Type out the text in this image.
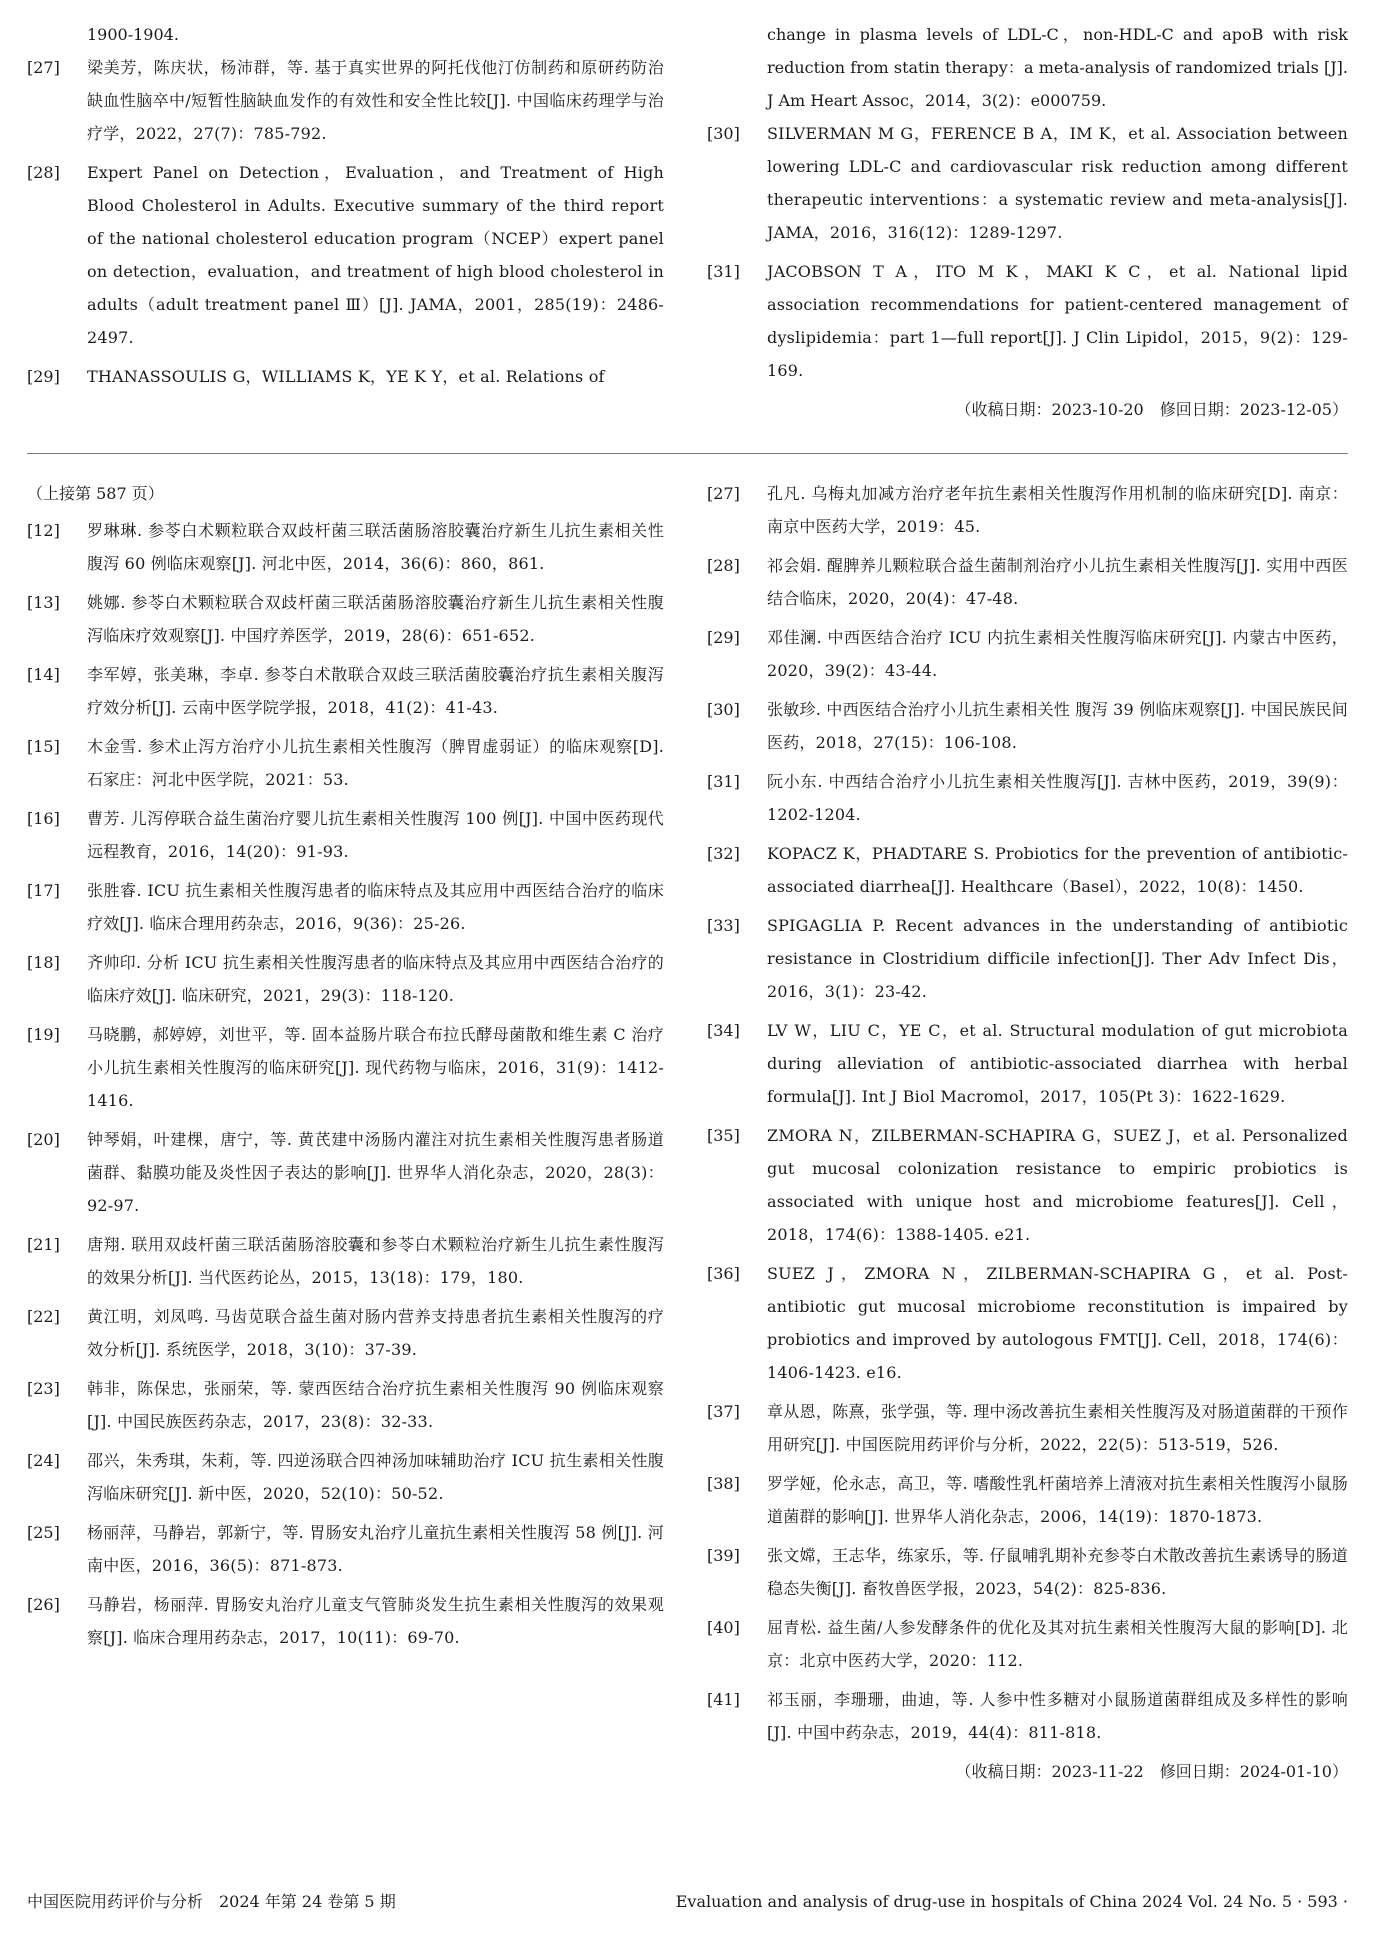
1900-1904.
[27]	梁美芳，陈庆状，杨沛群，等. 基于真实世界的阿托伐他汀仿制药和原研药防治缺血性脑卒中/短暂性脑缺血发作的有效性和安全性比较[J]. 中国临床药理学与治疗学，2022，27(7)：785-792.
[28]	Expert Panel on Detection，Evaluation，and Treatment of High Blood Cholesterol in Adults. Executive summary of the third report of the national cholesterol education program（NCEP）expert panel on detection，evaluation，and treatment of high blood cholesterol in adults（adult treatment panel Ⅲ）[J]. JAMA，2001，285(19)：2486-2497.
[29]	THANASSOULIS G，WILLIAMS K，YE K Y，et al. Relations of
change in plasma levels of LDL-C，non-HDL-C and apoB with risk reduction from statin therapy：a meta-analysis of randomized trials [J]. J Am Heart Assoc，2014，3(2)：e000759.
[30]	SILVERMAN M G，FERENCE B A，IM K，et al. Association between lowering LDL-C and cardiovascular risk reduction among different therapeutic interventions：a systematic review and meta-analysis[J]. JAMA，2016，316(12)：1289-1297.
[31]	JACOBSON T A，ITO M K，MAKI K C，et al. National lipid association recommendations for patient-centered management of dyslipidemia：part 1—full report[J]. J Clin Lipidol，2015，9(2)：129-169.
（收稿日期：2023-10-20　修回日期：2023-12-05）
（上接第 587 页）
[12]	罗琳琳. 参苓白术颗粒联合双歧杆菌三联活菌肠溶胶囊治疗新生儿抗生素相关性腹泻 60 例临床观察[J]. 河北中医，2014，36(6)：860，861.
[13]	姚娜. 参苓白术颗粒联合双歧杆菌三联活菌肠溶胶囊治疗新生儿抗生素相关性腹泻临床疗效观察[J]. 中国疗养医学，2019，28(6)：651-652.
[14]	李军婷，张美琳，李卓. 参苓白术散联合双歧三联活菌胶囊治疗抗生素相关腹泻疗效分析[J]. 云南中医学院学报，2018，41(2)：41-43.
[15]	木金雪. 参术止泻方治疗小儿抗生素相关性腹泻（脾胃虚弱证）的临床观察[D]. 石家庄：河北中医学院，2021：53.
[16]	曹芳. 儿泻停联合益生菌治疗婴儿抗生素相关性腹泻 100 例[J]. 中国中医药现代远程教育，2016，14(20)：91-93.
[17]	张胜睿. ICU 抗生素相关性腹泻患者的临床特点及其应用中西医结合治疗的临床疗效[J]. 临床合理用药杂志，2016，9(36)：25-26.
[18]	齐帅印. 分析 ICU 抗生素相关性腹泻患者的临床特点及其应用中西医结合治疗的临床疗效[J]. 临床研究，2021，29(3)：118-120.
[19]	马晓鹏，郝婷婷，刘世平，等. 固本益肠片联合布拉氏酵母菌散和维生素 C 治疗小儿抗生素相关性腹泻的临床研究[J]. 现代药物与临床，2016，31(9)：1412-1416.
[20]	钟琴娟，叶建棵，唐宁，等. 黄芪建中汤肠内灌注对抗生素相关性腹泻患者肠道菌群、黏膜功能及炎性因子表达的影响[J]. 世界华人消化杂志，2020，28(3)：92-97.
[21]	唐翔. 联用双歧杆菌三联活菌肠溶胶囊和参苓白术颗粒治疗新生儿抗生素性腹泻的效果分析[J]. 当代医药论丛，2015，13(18)：179，180.
[22]	黄江明，刘凤鸣. 马齿苋联合益生菌对肠内营养支持患者抗生素相关性腹泻的疗效分析[J]. 系统医学，2018，3(10)：37-39.
[23]	韩非，陈保忠，张丽荣，等. 蒙西医结合治疗抗生素相关性腹泻 90 例临床观察[J]. 中国民族医药杂志，2017，23(8)：32-33.
[24]	邵兴，朱秀琪，朱莉，等. 四逆汤联合四神汤加味辅助治疗 ICU 抗生素相关性腹泻临床研究[J]. 新中医，2020，52(10)：50-52.
[25]	杨丽萍，马静岩，郭新宁，等. 胃肠安丸治疗儿童抗生素相关性腹泻 58 例[J]. 河南中医，2016，36(5)：871-873.
[26]	马静岩，杨丽萍. 胃肠安丸治疗儿童支气管肺炎发生抗生素相关性腹泻的效果观察[J]. 临床合理用药杂志，2017，10(11)：69-70.
[27]	孔凡. 乌梅丸加减方治疗老年抗生素相关性腹泻作用机制的临床研究[D]. 南京：南京中医药大学，2019：45.
[28]	祁会娟. 醒脾养儿颗粒联合益生菌制剂治疗小儿抗生素相关性腹泻[J]. 实用中西医结合临床，2020，20(4)：47-48.
[29]	邓佳澜. 中西医结合治疗 ICU 内抗生素相关性腹泻临床研究[J]. 内蒙古中医药，2020，39(2)：43-44.
[30]	张敏珍. 中西医结合治疗小儿抗生素相关性 腹泻 39 例临床观察[J]. 中国民族民间医药，2018，27(15)：106-108.
[31]	阮小东. 中西结合治疗小儿抗生素相关性腹泻[J]. 吉林中医药，2019，39(9)：1202-1204.
[32]	KOPACZ K，PHADTARE S. Probiotics for the prevention of antibiotic-associated diarrhea[J]. Healthcare（Basel），2022，10(8)：1450.
[33]	SPIGAGLIA P. Recent advances in the understanding of antibiotic resistance in Clostridium difficile infection[J]. Ther Adv Infect Dis，2016，3(1)：23-42.
[34]	LV W，LIU C，YE C，et al. Structural modulation of gut microbiota during alleviation of antibiotic-associated diarrhea with herbal formula[J]. Int J Biol Macromol，2017，105(Pt 3)：1622-1629.
[35]	ZMORA N，ZILBERMAN-SCHAPIRA G，SUEZ J，et al. Personalized gut mucosal colonization resistance to empiric probiotics is associated with unique host and microbiome features[J]. Cell，2018，174(6)：1388-1405. e21.
[36]	SUEZ J，ZMORA N，ZILBERMAN-SCHAPIRA G，et al. Post-antibiotic gut mucosal microbiome reconstitution is impaired by probiotics and improved by autologous FMT[J]. Cell，2018，174(6)：1406-1423. e16.
[37]	章从恩，陈熹，张学强，等. 理中汤改善抗生素相关性腹泻及对肠道菌群的干预作用研究[J]. 中国医院用药评价与分析，2022，22(5)：513-519，526.
[38]	罗学娅，伦永志，高卫，等. 嗜酸性乳杆菌培养上清液对抗生素相关性腹泻小鼠肠道菌群的影响[J]. 世界华人消化杂志，2006，14(19)：1870-1873.
[39]	张文嫦，王志华，练家乐，等. 仔鼠哺乳期补充参苓白术散改善抗生素诱导的肠道稳态失衡[J]. 畜牧兽医学报，2023，54(2)：825-836.
[40]	屈青松. 益生菌/人参发酵条件的优化及其对抗生素相关性腹泻大鼠的影响[D]. 北京：北京中医药大学，2020：112.
[41]	祁玉丽，李珊珊，曲迪，等. 人参中性多糖对小鼠肠道菌群组成及多样性的影响[J]. 中国中药杂志，2019，44(4)：811-818.
（收稿日期：2023-11-22　修回日期：2024-01-10）
中国医院用药评价与分析　2024 年第 24 卷第 5 期	Evaluation and analysis of drug-use in hospitals of China 2024 Vol. 24 No. 5 · 593 ·
